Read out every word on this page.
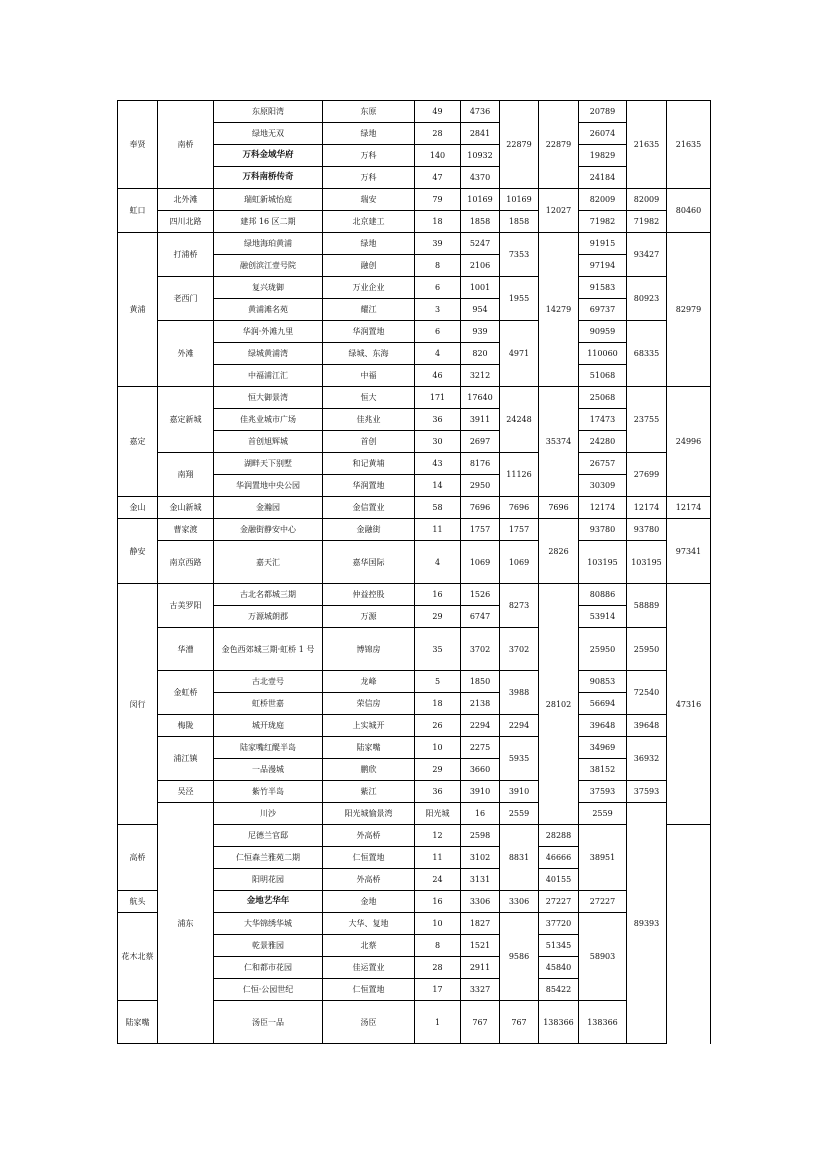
奉贤	南桥	东原阳湾	东原	49	4736	22879	22879	20789	21635	21635	
		绿地无双	绿地	28	2841			26074			
		万科金域华府	万科	140	10932			19829			
		万科南桥传奇	万科	47	4370			24184			
虹口	北外滩	瑞虹新城怡庭	瑞安	79	10169	10169	12027	82009	82009	80460	
	四川北路	建邦 16 区二期	北京建工	18	1858	1858		71982	71982		
黄浦	打浦桥	绿地海珀黄浦	绿地	39	5247	7353	14279	91915	93427	82979	
		融创滨江壹号院	融创	8	2106			97194			
	老西门	复兴珑御	万业企业	6	1001	1955		91583	80923		
		黄浦滩名苑	耀江	3	954			69737			
	外滩	华润·外滩九里	华润置地	6	939	4971		90959	68335		
		绿城黄浦湾	绿城、东海	4	820			110060			
		中福浦江汇	中福	46	3212			51068			
嘉定	嘉定新城	恒大御景湾	恒大	171	17640	24248	35374	25068	23755	24996	
		佳兆业城市广场	佳兆业	36	3911			17473			
		首创旭辉城	首创	30	2697			24280			
	南翔	湖畔天下别墅	和记黄埔	43	8176	11126		26757	27699		
		华润置地中央公园	华润置地	14	2950			30309			
金山	金山新城	金瀚园	金信置业	58	7696	7696	7696	12174	12174	12174	
静安	曹家渡	金融街静安中心	金融街	11	1757	1757	2826	93780	93780	97341	
	南京西路	嘉天汇	嘉华国际	4	1069	1069		103195	103195		
闵行	古美罗阳	古北名都城三期	仲益控股	16	1526	8273	28102	80886	58889	47316	
		万源城朗郡	万源	29	6747			53914			
	华漕	金色西郊城三期·虹桥 1 号	博锦房	35	3702	3702		25950	25950		
	金虹桥	古北壹号	龙峰	5	1850	3988		90853	72540		
		虹桥世嘉	荣信房	18	2138			56694			
	梅陇	城开珑庭	上实城开	26	2294	2294		39648	39648		
	浦江镇	陆家嘴红醍半岛	陆家嘴	10	2275	5935		34969	36932		
		一品漫城	鹏欣	29	3660			38152			
	吴泾	紫竹半岛	紫江	36	3910	3910		37593	37593		
	浦东	川沙	阳光城愉景湾	阳光城	16	2559		2559	89393			
高桥		尼德兰官邸	外高桥	12	2598	8831	28288	38951			
		仁恒森兰雅苑二期	仁恒置地	11	3102		46666				
		阳明花园	外高桥	24	3131		40155				
航头		金地艺华年	金地	16	3306	3306	27227	27227			
花木北蔡		大华锦绣华城	大华、复地	10	1827	9586	37720	58903			
		乾景雅园	北蔡	8	1521		51345				
		仁和都市花园	佳运置业	28	2911		45840				
		仁恒·公园世纪	仁恒置地	17	3327		85422				
陆家嘴		汤臣一品	汤臣	1	767	767	138366	138366			
